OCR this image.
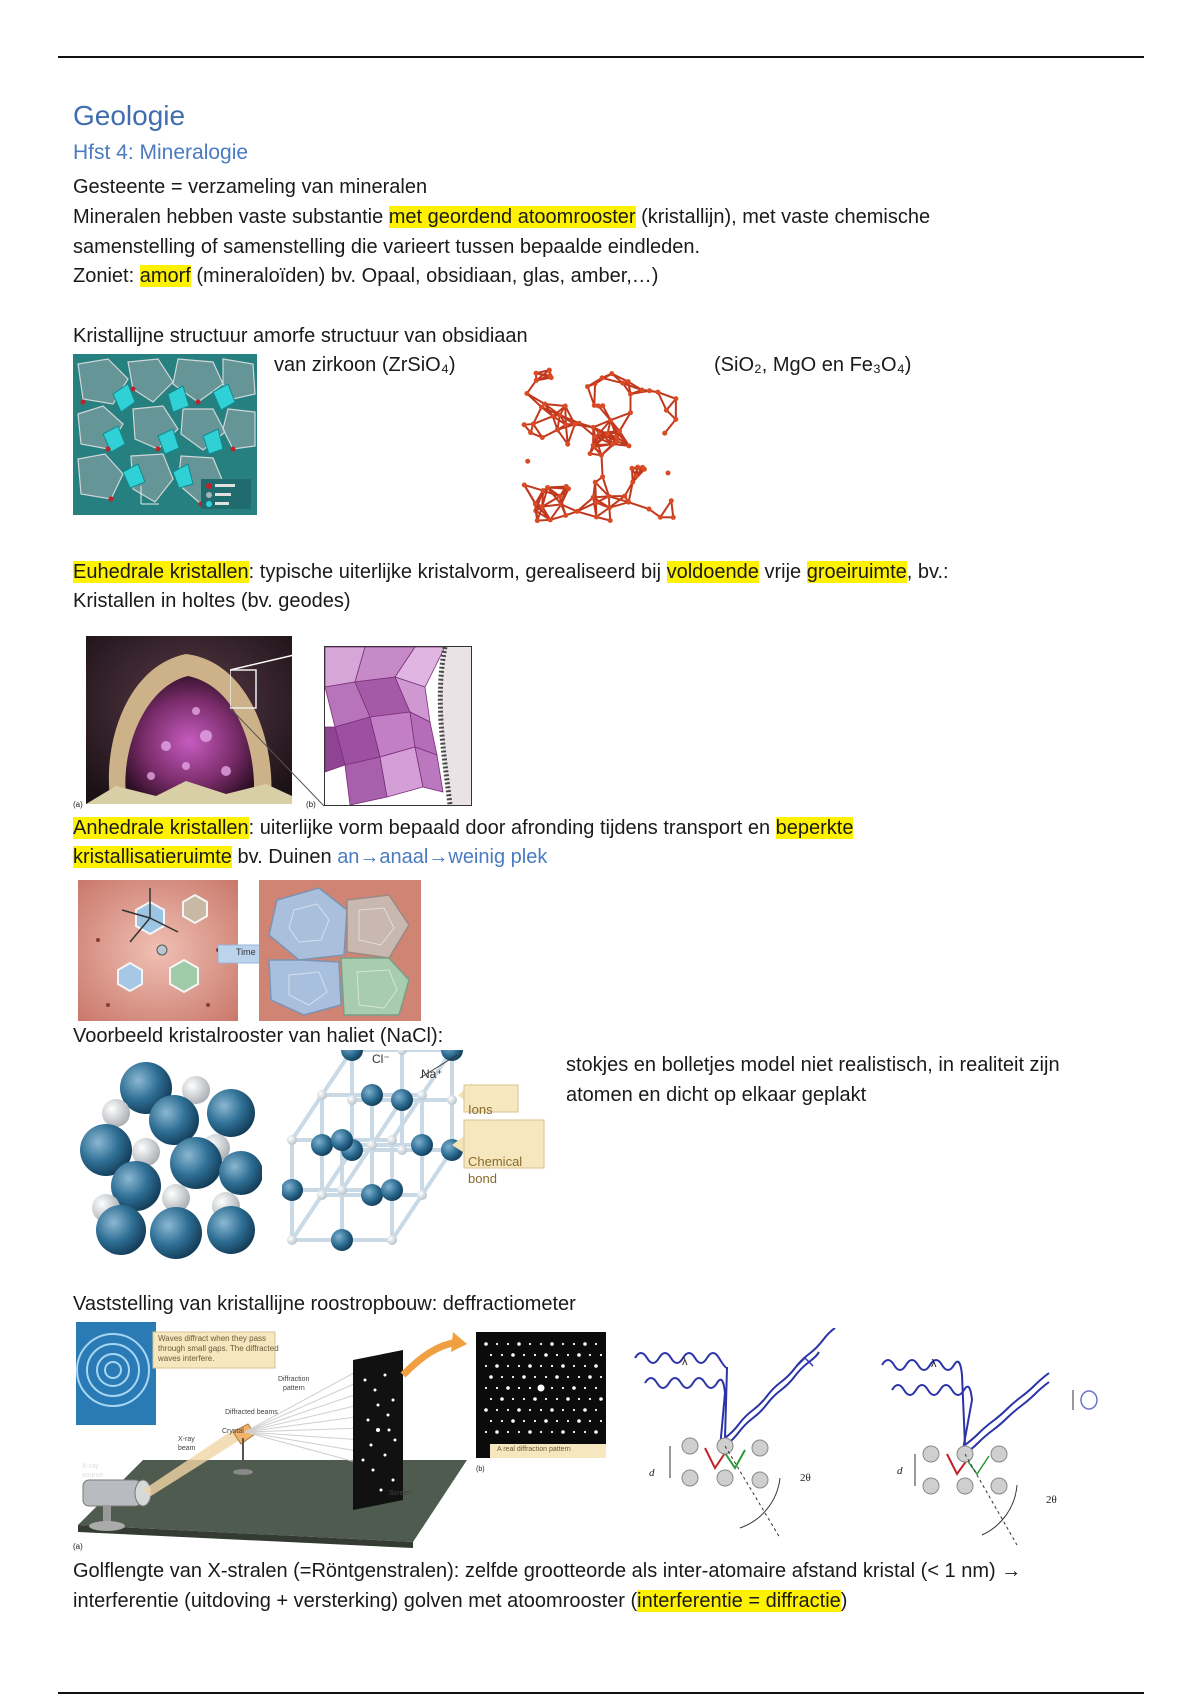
Geologie
Hfst 4: Mineralogie
Gesteente = verzameling van mineralen
Mineralen hebben vaste substantie met geordend atoomrooster (kristallijn), met vaste chemische
samenstelling of samenstelling die varieert tussen bepaalde eindleden.
Zoniet: amorf (mineraloïden) bv. Opaal, obsidiaan, glas, amber,…)
Kristallijne structuur amorfe structuur van obsidiaan
van zirkoon (ZrSiO₄)	(SiO₂, MgO en Fe₃O₄)
Euhedrale kristallen: typische uiterlijke kristalvorm, gerealiseerd bij voldoende vrije groeiruimte, bv.:
Kristallen in holtes (bv. geodes)
(a)	(b)
Anhedrale kristallen: uiterlijke vorm bepaald door afronding tijdens transport en beperkte
kristallisatieruimte bv. Duinen an→anaal→weinig plek
Time
Voorbeeld kristalrooster van haliet (NaCl):
stokjes en bolletjes model niet realistisch, in realiteit zijn
atomen en dicht op elkaar geplakt
Cl⁻
Na⁺
Ions
Chemical
bond
Vaststelling van kristallijne roostropbouw: deffractiometer
Waves diffract when they pass
through small gaps. The diffracted
waves interfere.
Diffraction
pattern
Diffracted beams
X-ray
beam
Crystal
X-ray
source
Screen
(a)
A real diffraction pattern
(b)
λ
d	2θ
λ
d
2θ
Golflengte van X-stralen (=Röntgenstralen): zelfde grootteorde als inter-atomaire afstand kristal (< 1 nm) →
interferentie (uitdoving + versterking) golven met atoomrooster (interferentie = diffractie)
